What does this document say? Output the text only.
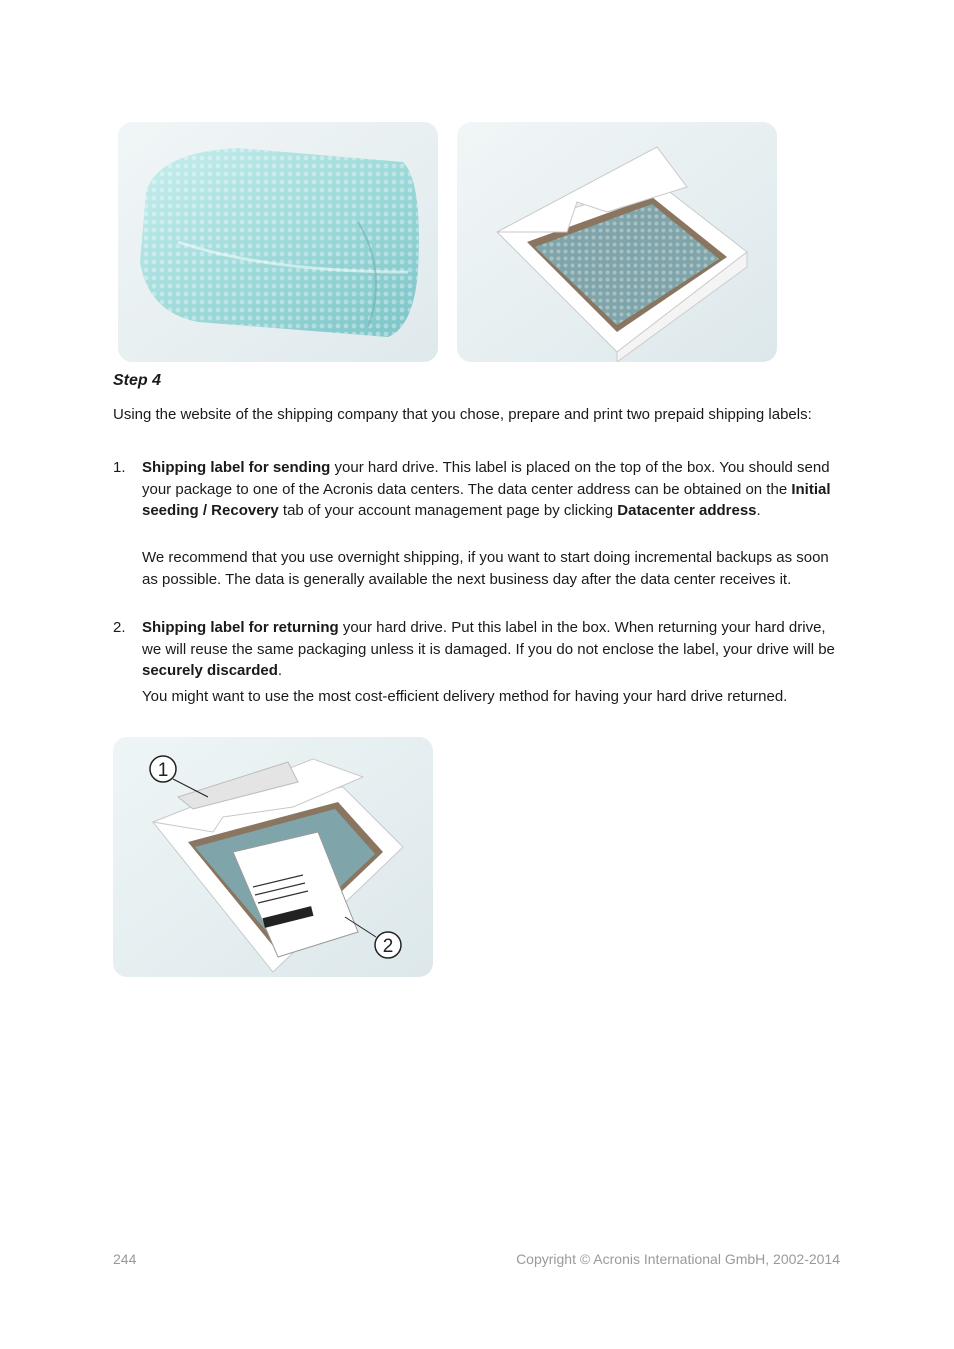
Step 4
Using the website of the shipping company that you chose, prepare and print two prepaid shipping labels:
1. Shipping label for sending your hard drive. This label is placed on the top of the box. You should send your package to one of the Acronis data centers. The data center address can be obtained on the Initial seeding / Recovery tab of your account management page by clicking Datacenter address.
We recommend that you use overnight shipping, if you want to start doing incremental backups as soon as possible. The data is generally available the next business day after the data center receives it.
2. Shipping label for returning your hard drive. Put this label in the box. When returning your hard drive, we will reuse the same packaging unless it is damaged. If you do not enclose the label, your drive will be securely discarded.
You might want to use the most cost-efficient delivery method for having your hard drive returned.
1
2
244	Copyright © Acronis International GmbH, 2002-2014
